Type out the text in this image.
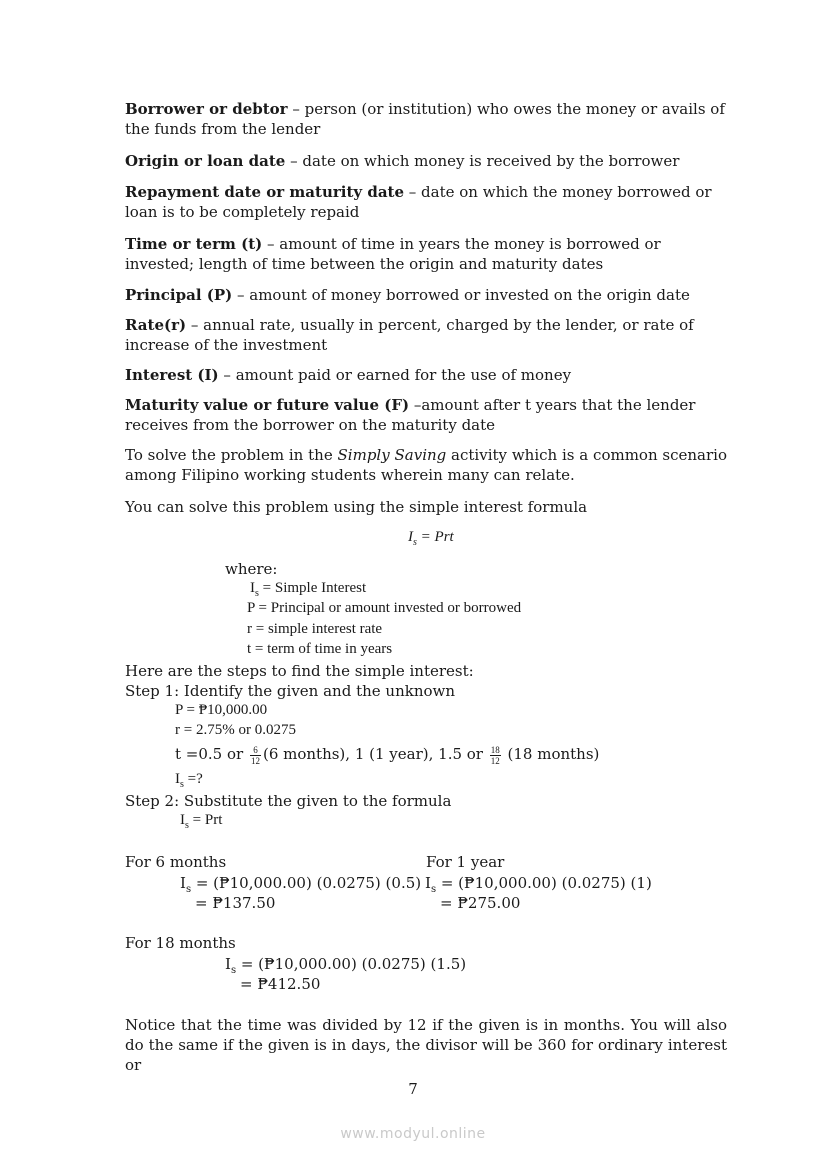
Borrower or debtor – person (or institution) who owes the money or avails of the funds from the lender
Origin or loan date – date on which money is received by the borrower
Repayment date or maturity date – date on which the money borrowed or loan is to be completely repaid
Time or term (t) – amount of time in years the money is borrowed or invested; length of time between the origin and maturity dates
Principal (P) – amount of money borrowed or invested on the origin date
Rate(r) – annual rate, usually in percent, charged by the lender, or rate of increase of the investment
Interest (I) – amount paid or earned for the use of money
Maturity value or future value (F) –amount after t years that the lender receives from the borrower on the maturity date
To solve the problem in the Simply Saving activity which is a common scenario among Filipino working students wherein many can relate.
You can solve this problem using the simple interest formula
$I_s$ = Prt
where:
$I_s$ = Simple Interest
P = Principal or amount invested or borrowed
r = simple interest rate
t = term of time in years
Here are the steps to find the simple interest:
Step 1: Identify the given and the unknown
P = ₱10,000.00
r = 2.75% or 0.0275
t =0.5 or $\frac{6}{12} (6$ months), 1 (1 year), 1.5 or $\frac{18}{12} (18$ months)
$I_s$ =?
Step 2: Substitute the given to the formula
$I_s$ = Prt
For 6 months	For 1 year
$I_s$ = (₱10,000.00) (0.0275) (0.5) $I_s$ = (₱10,000.00) (0.0275) (1)
= ₱137.50	= ₱275.00
For 18 months
$I_s$ = (₱10,000.00) (0.0275) (1.5)
= ₱412.50
Notice that the time was divided by 12 if the given is in months. You will also do the same if the given is in days, the divisor will be 360 for ordinary interest or
7
www.modyul.online
